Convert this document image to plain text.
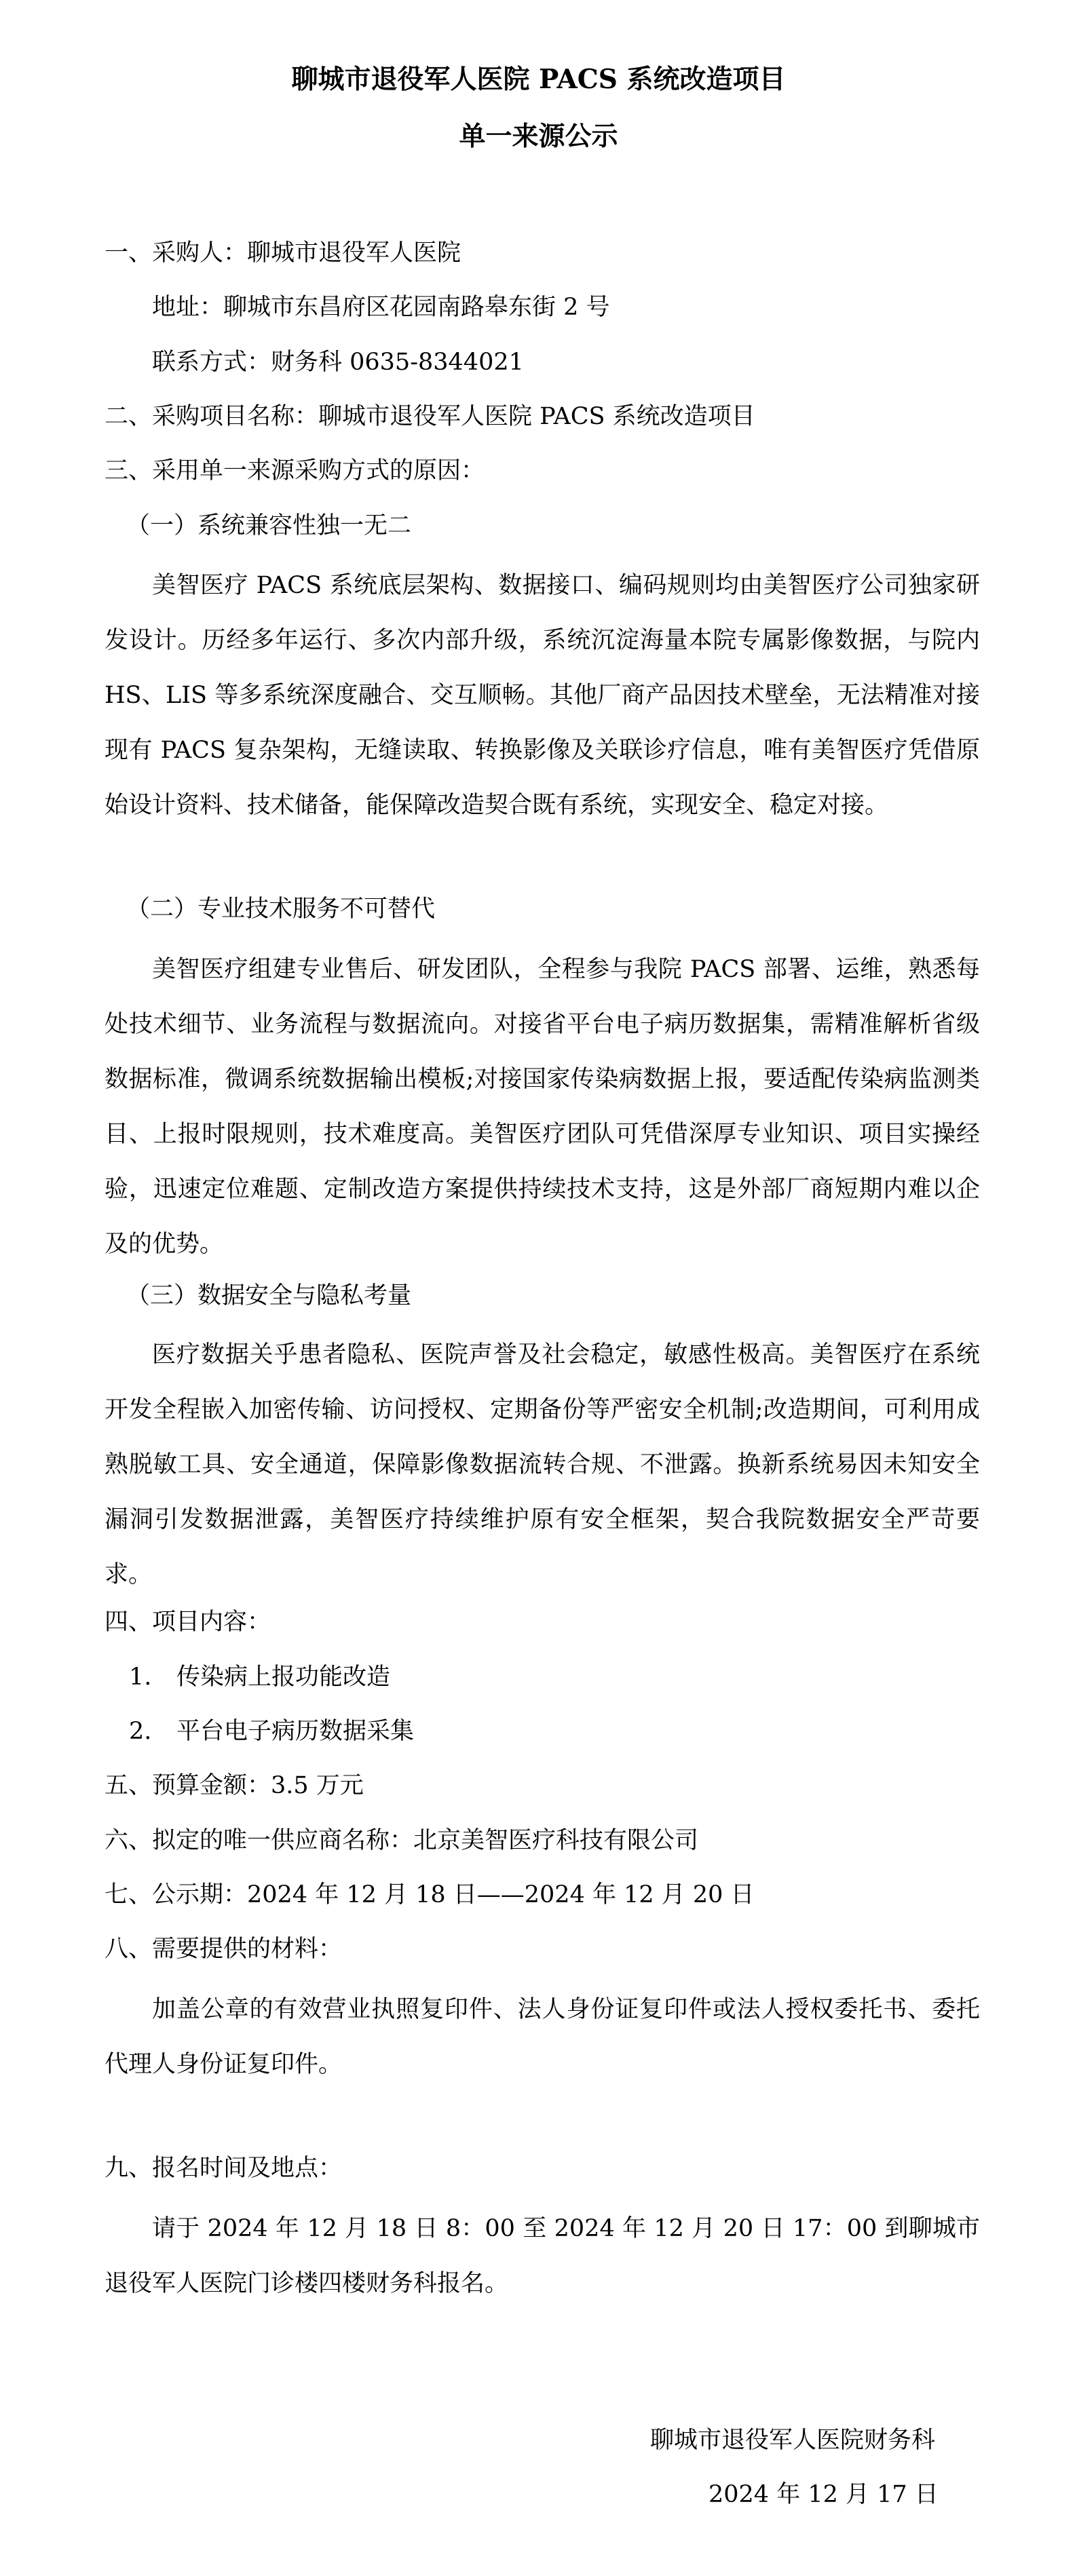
聊城市退役军人医院 PACS 系统改造项目
单一来源公示

一、采购人：聊城市退役军人医院

地址：聊城市东昌府区花园南路皋东街 2 号

联系方式：财务科 0635-8344021

二、采购项目名称：聊城市退役军人医院 PACS 系统改造项目

三、采用单一来源采购方式的原因：

（一）系统兼容性独一无二

美智医疗 PACS 系统底层架构、数据接口、编码规则均由美智医疗公司独家研发设计。历经多年运行、多次内部升级，系统沉淀海量本院专属影像数据，与院内 HS、LIS 等多系统深度融合、交互顺畅。其他厂商产品因技术壁垒，无法精准对接现有 PACS 复杂架构，无缝读取、转换影像及关联诊疗信息，唯有美智医疗凭借原始设计资料、技术储备，能保障改造契合既有系统，实现安全、稳定对接。

（二）专业技术服务不可替代

美智医疗组建专业售后、研发团队，全程参与我院 PACS 部署、运维，熟悉每处技术细节、业务流程与数据流向。对接省平台电子病历数据集，需精准解析省级数据标准，微调系统数据输出模板;对接国家传染病数据上报，要适配传染病监测类目、上报时限规则，技术难度高。美智医疗团队可凭借深厚专业知识、项目实操经验，迅速定位难题、定制改造方案提供持续技术支持，这是外部厂商短期内难以企及的优势。

（三）数据安全与隐私考量

医疗数据关乎患者隐私、医院声誉及社会稳定，敏感性极高。美智医疗在系统开发全程嵌入加密传输、访问授权、定期备份等严密安全机制;改造期间，可利用成熟脱敏工具、安全通道，保障影像数据流转合规、不泄露。换新系统易因未知安全漏洞引发数据泄露，美智医疗持续维护原有安全框架，契合我院数据安全严苛要求。

四、项目内容：

1. 传染病上报功能改造

2. 平台电子病历数据采集

五、预算金额：3.5 万元

六、拟定的唯一供应商名称：北京美智医疗科技有限公司

七、公示期：2024 年 12 月 18 日——2024 年 12 月 20 日

八、需要提供的材料：

加盖公章的有效营业执照复印件、法人身份证复印件或法人授权委托书、委托代理人身份证复印件。

九、报名时间及地点：

请于 2024 年 12 月 18 日 8：00 至 2024 年 12 月 20 日 17：00 到聊城市退役军人医院门诊楼四楼财务科报名。

聊城市退役军人医院财务科

2024 年 12 月 17 日
